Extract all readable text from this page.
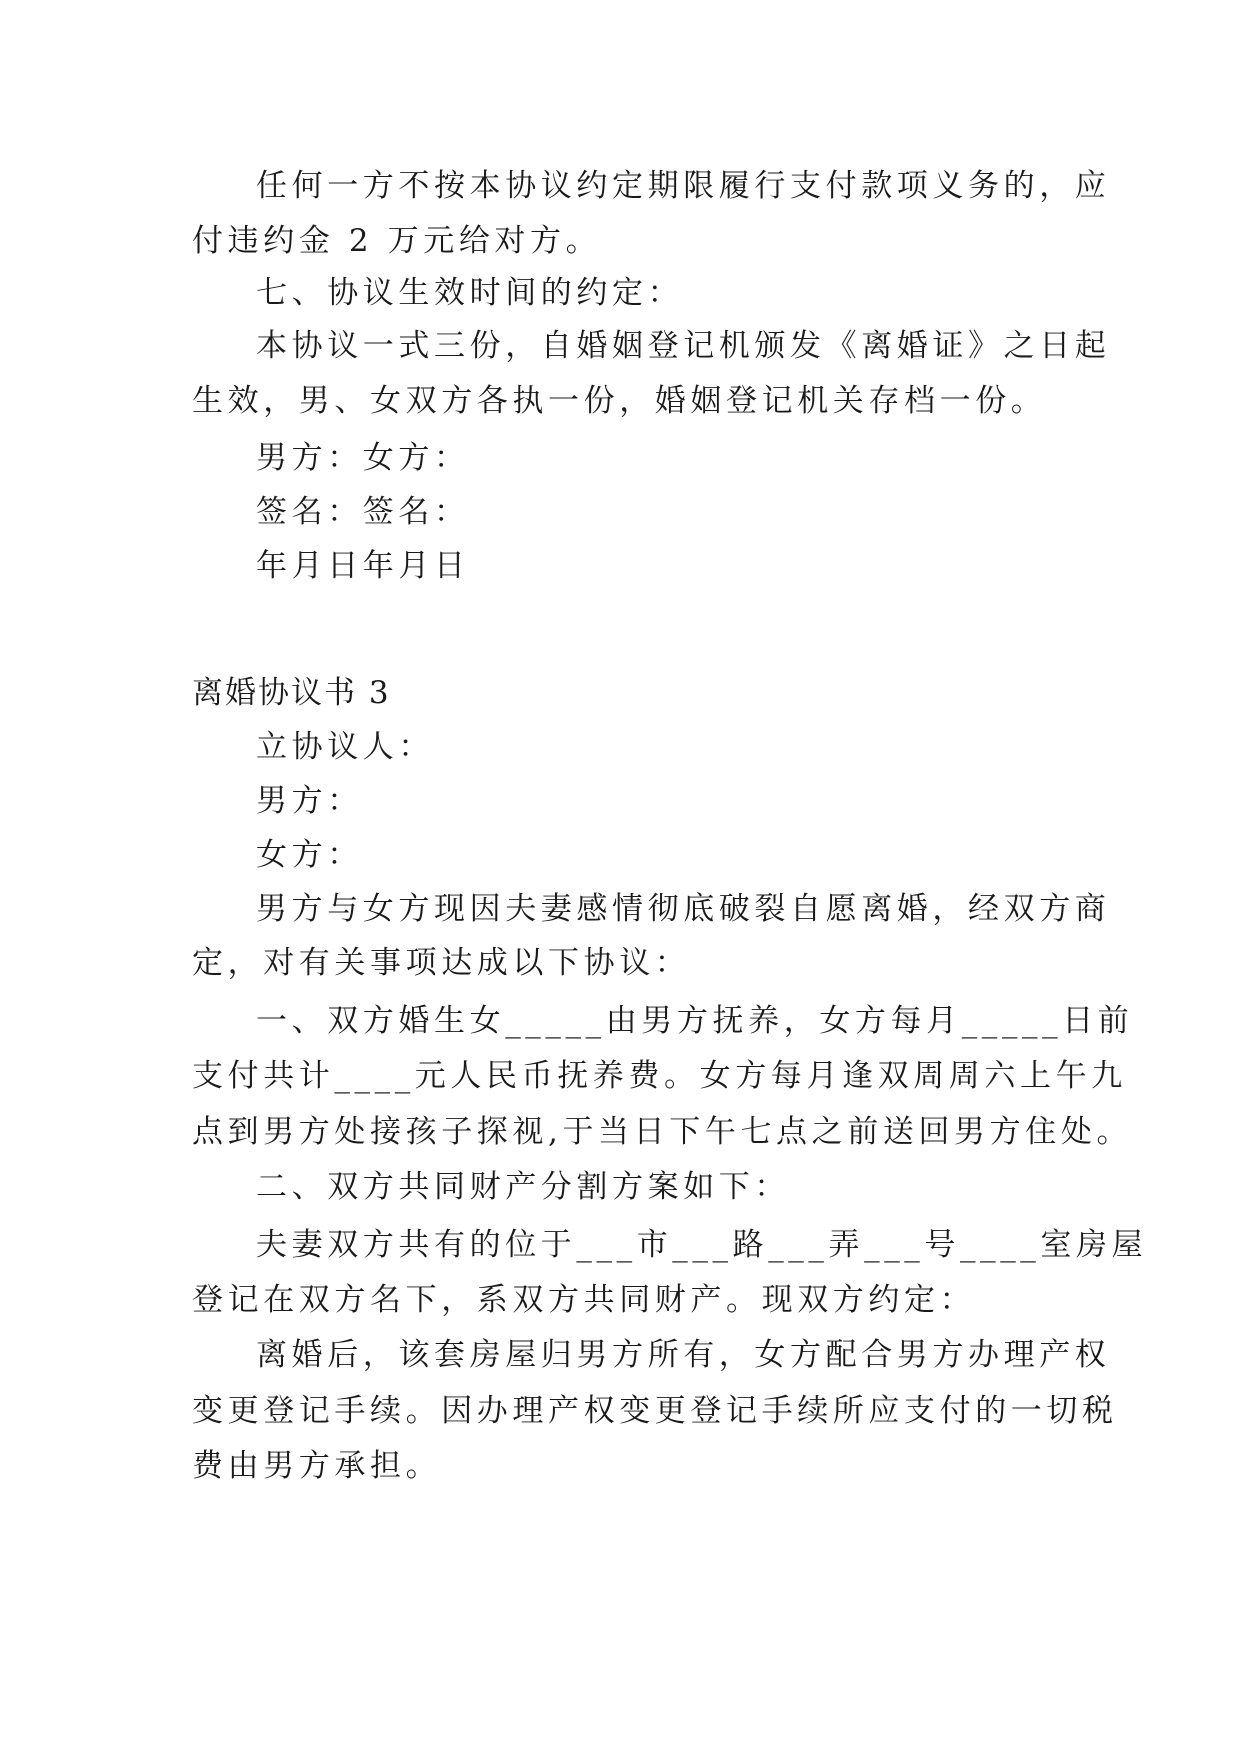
任何一方不按本协议约定期限履行支付款项义务的，应
付违约金 2 万元给对方。
七、协议生效时间的约定：
本协议一式三份，自婚姻登记机颁发《离婚证》之日起
生效，男、女双方各执一份，婚姻登记机关存档一份。
男方：女方：
签名：签名：
年月日年月日
离婚协议书 3
立协议人：
男方：
女方：
男方与女方现因夫妻感情彻底破裂自愿离婚，经双方商
定，对有关事项达成以下协议：
一、双方婚生女_____由男方抚养，女方每月_____日前
支付共计____元人民币抚养费。女方每月逢双周周六上午九
点到男方处接孩子探视,于当日下午七点之前送回男方住处。
二、双方共同财产分割方案如下：
夫妻双方共有的位于___市___路___弄___号____室房屋
登记在双方名下，系双方共同财产。现双方约定：
离婚后，该套房屋归男方所有，女方配合男方办理产权
变更登记手续。因办理产权变更登记手续所应支付的一切税
费由男方承担。
